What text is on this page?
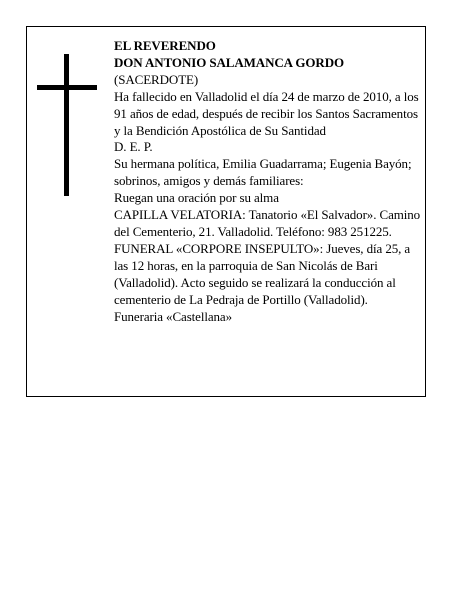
EL REVERENDO

DON ANTONIO SALAMANCA GORDO

(SACERDOTE)

Ha fallecido en Valladolid el día 24 de marzo de 2010, a los 91 años de edad, después de recibir los Santos Sacramentos y la Bendición Apostólica de Su Santidad

D. E. P.

Su hermana política, Emilia Guadarrama; Eugenia Bayón; sobrinos, amigos y demás familiares:

Ruegan una oración por su alma

CAPILLA VELATORIA: Tanatorio «El Salvador». Camino del Cementerio, 21. Valladolid. Teléfono: 983 251225.

FUNERAL «CORPORE INSEPULTO»: Jueves, día 25, a las 12 horas, en la parroquia de San Nicolás de Bari (Valladolid). Acto seguido se realizará la conducción al cementerio de La Pedraja de Portillo (Valladolid).

Funeraria «Castellana»
